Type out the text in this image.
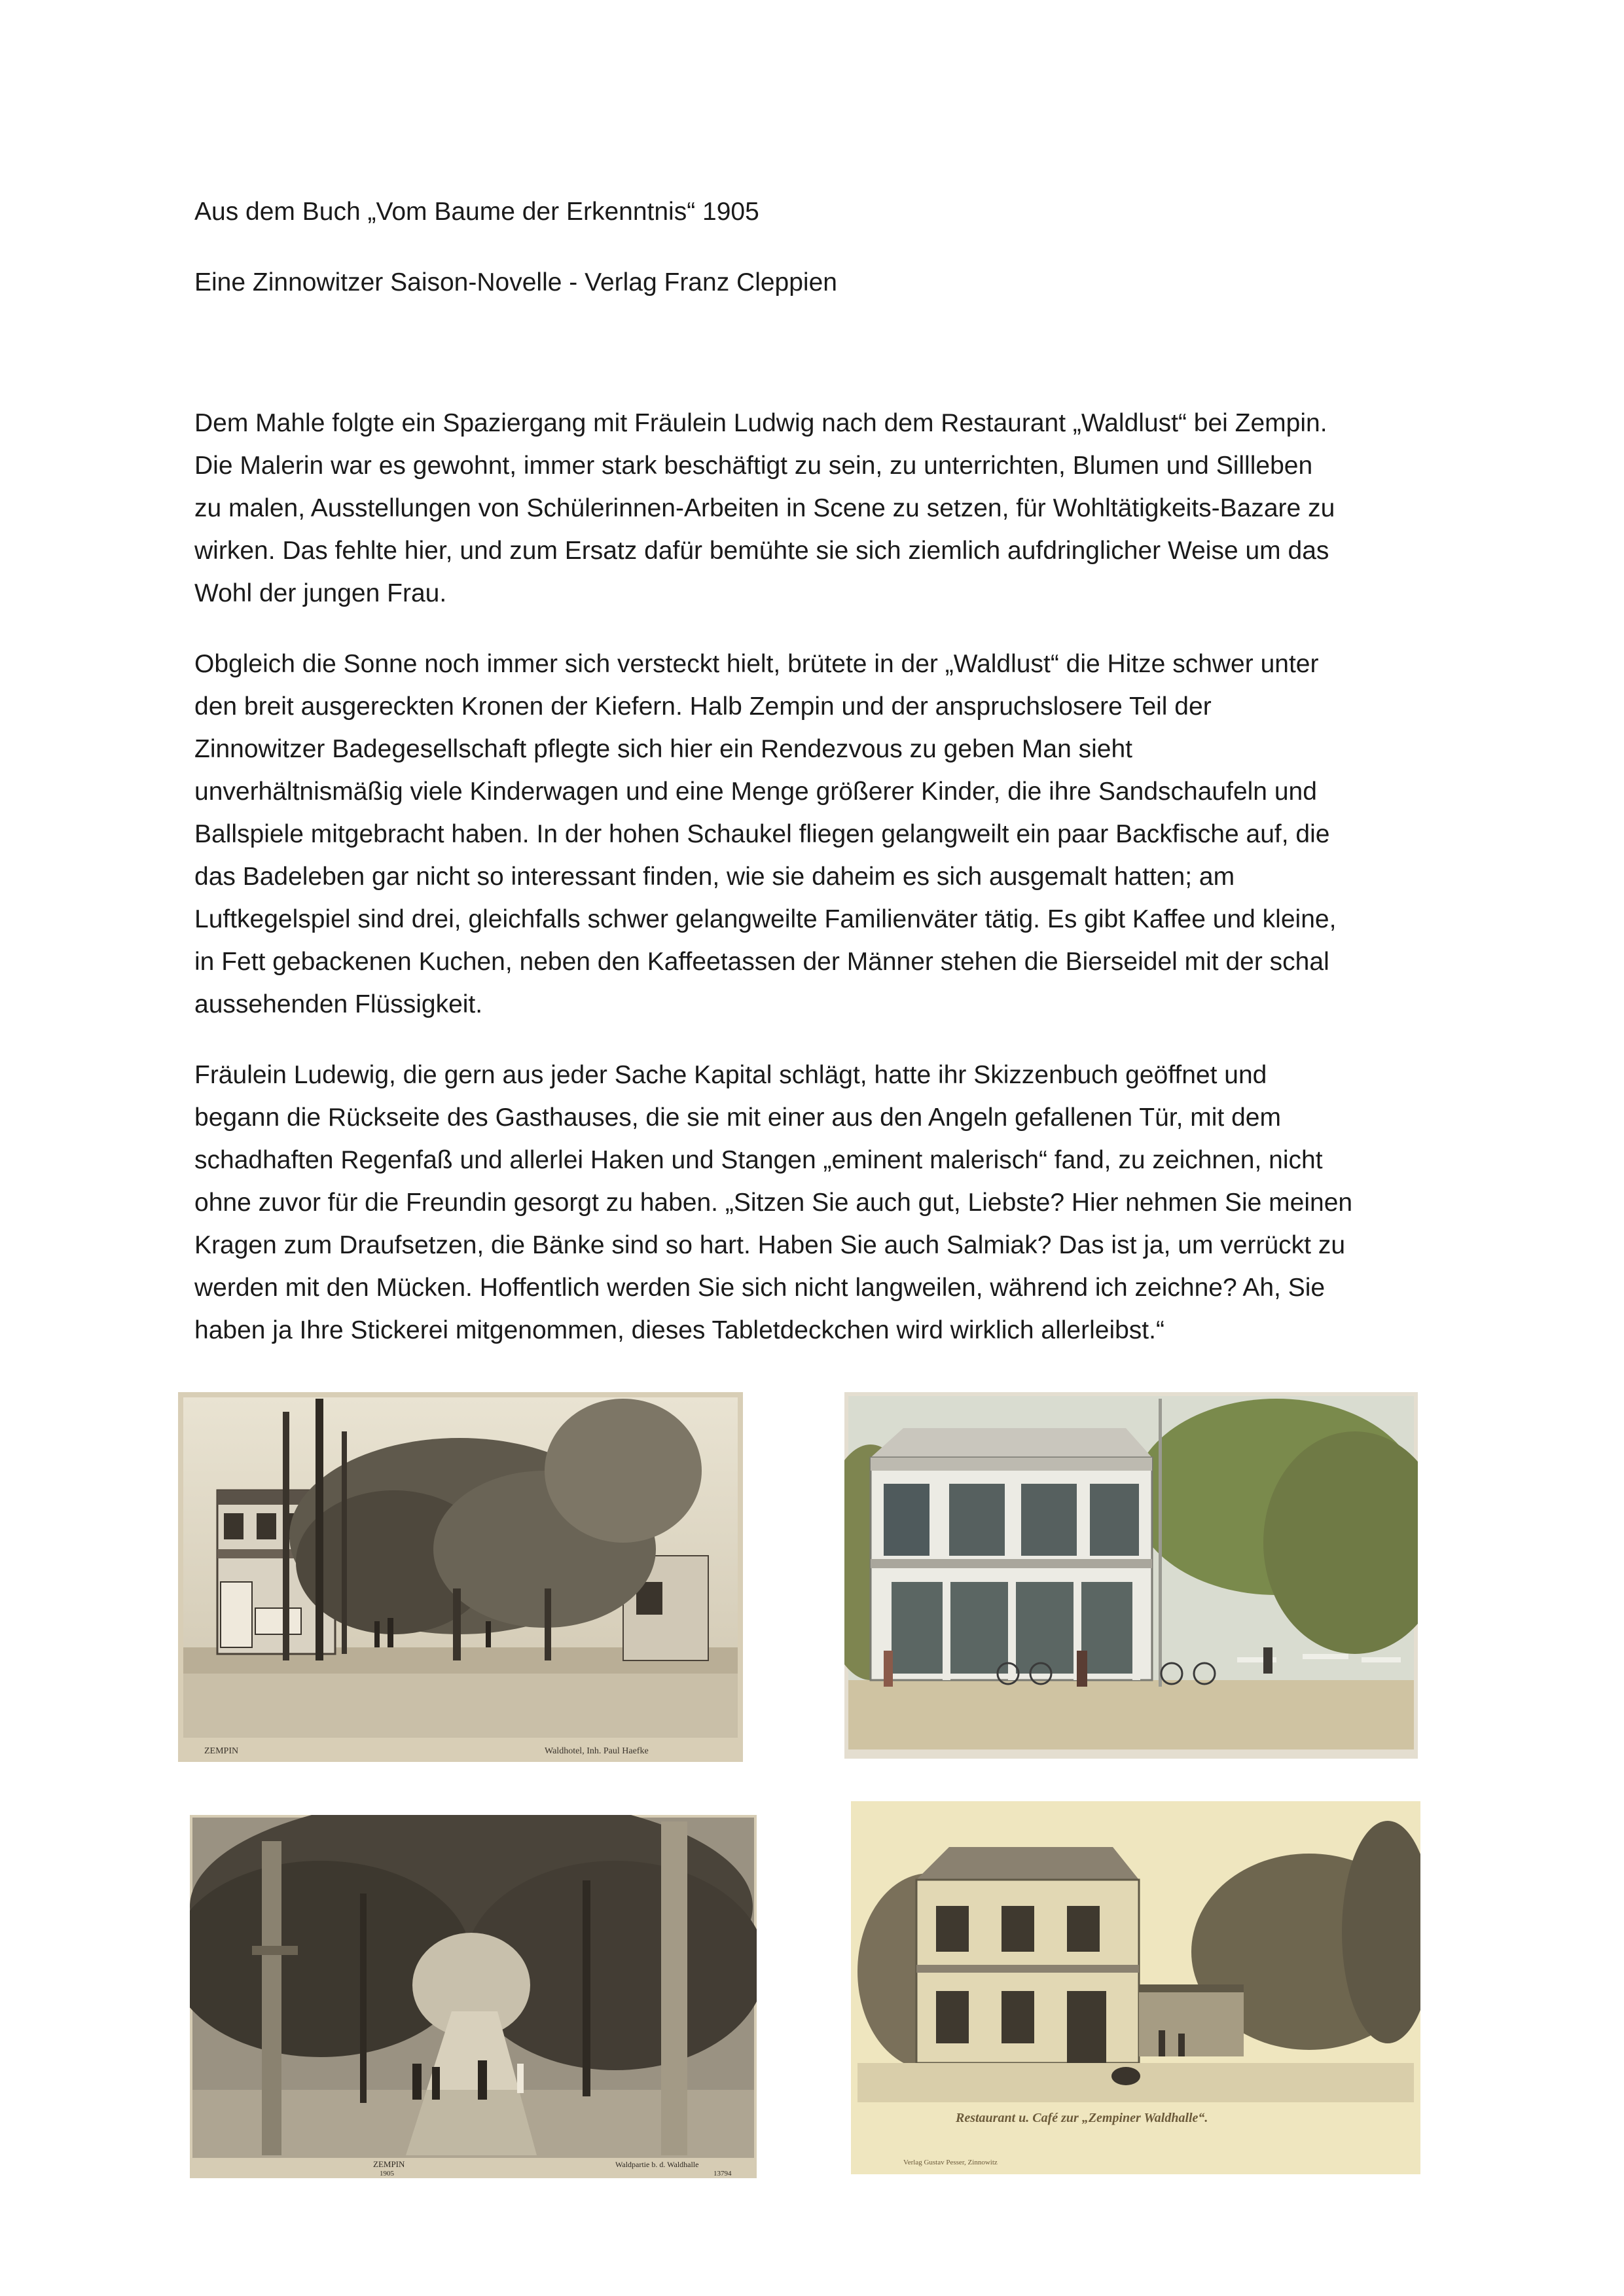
Aus dem Buch „Vom Baume der Erkenntnis“ 1905

Eine Zinnowitzer Saison-Novelle - Verlag Franz Cleppien

Dem Mahle folgte ein Spaziergang mit Fräulein Ludwig nach dem Restaurant „Waldlust“ bei Zempin.
Die Malerin war es gewohnt, immer stark beschäftigt zu sein, zu unterrichten, Blumen und Sillleben
zu malen, Ausstellungen von Schülerinnen-Arbeiten in Scene zu setzen, für Wohltätigkeits-Bazare zu
wirken. Das fehlte hier, und zum Ersatz dafür bemühte sie sich ziemlich aufdringlicher Weise um das
Wohl der jungen Frau.
Obgleich die Sonne noch immer sich versteckt hielt, brütete in der „Waldlust“ die Hitze schwer unter
den breit ausgereckten Kronen der Kiefern. Halb Zempin und der anspruchslosere Teil der
Zinnowitzer Badegesellschaft pflegte sich hier ein Rendezvous zu geben Man sieht
unverhältnismäßig viele Kinderwagen und eine Menge größerer Kinder, die ihre Sandschaufeln und
Ballspiele mitgebracht haben. In der hohen Schaukel fliegen gelangweilt ein paar Backfische auf, die
das Badeleben gar nicht so interessant finden, wie sie daheim es sich ausgemalt hatten; am
Luftkegelspiel sind drei, gleichfalls schwer gelangweilte Familienväter tätig. Es gibt Kaffee und kleine,
in Fett gebackenen Kuchen, neben den Kaffeetassen der Männer stehen die Bierseidel mit der schal
aussehenden Flüssigkeit.
Fräulein Ludewig, die gern aus jeder Sache Kapital schlägt, hatte ihr Skizzenbuch geöffnet und
begann die Rückseite des Gasthauses, die sie mit einer aus den Angeln gefallenen Tür, mit dem
schadhaften Regenfaß und allerlei Haken und Stangen „eminent malerisch“ fand, zu zeichnen, nicht
ohne zuvor für die Freundin gesorgt zu haben. „Sitzen Sie auch gut, Liebste? Hier nehmen Sie meinen
Kragen zum Draufsetzen, die Bänke sind so hart. Haben Sie auch Salmiak? Das ist ja, um verrückt zu
werden mit den Mücken. Hoffentlich werden Sie sich nicht langweilen, während ich zeichne? Ah, Sie
haben ja Ihre Stickerei mitgenommen, dieses Tabletdeckchen wird wirklich allerleibst.“
ZEMPIN	Waldhotel, Inh. Paul Haefke
ZEMPIN
1905
Waldpartie b. d. Waldhalle
13794
Restaurant u. Café zur „Zempiner Waldhalle“.
Verlag Gustav Pesser, Zinnowitz
